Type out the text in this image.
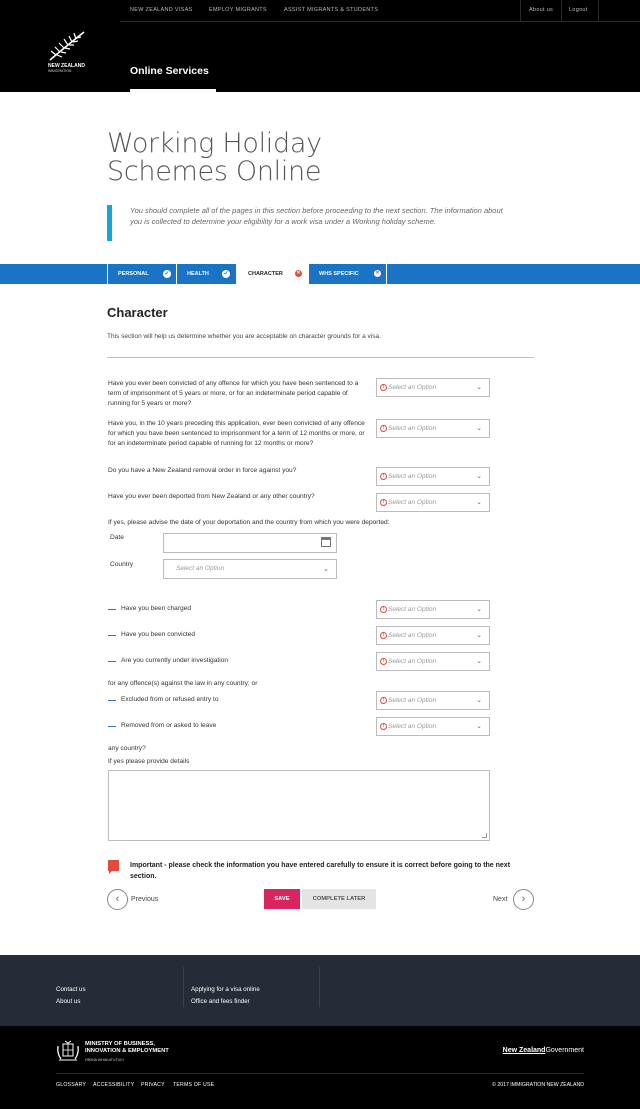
NEW ZEALAND VISAS	EMPLOY MIGRANTS	ASSIST MIGRANTS & STUDENTS	About us	Logout
NEW ZEALAND
IMMIGRATION	Online Services
Working Holiday
Schemes Online
You should complete all of the pages in this section before proceeding to the next section. The information about you is collected to determine your eligibility for a work visa under a Working holiday scheme.
PERSONAL	✓	HEALTH ✓	CHARACTER	✕	WHS SPECIFIC	✕
Character
This section will help us determine whether you are acceptable on character grounds for a visa.
Have you ever been convicted of any offence for which you have been sentenced to a term of imprisonment of 5 years or more, or for an indeterminate period capable of running for 5 years or more?
! Select an Option	⌄
Have you, in the 10 years preceding this application, ever been convicted of any offence for which you have been sentenced to imprisonment for a term of 12 months or more, or for an indeterminate period capable of running for 12 months or more?
! Select an Option	⌄
Do you have a New Zealand removal order in force against you?
! Select an Option	⌄
Have you ever been deported from New Zealand or any other country?
! Select an Option	⌄
If yes, please advise the date of your deportation and the country from which you were deported:
Date
Country
Select an Option	⌄
Have you been charged	! Select an Option	⌄
Have you been convicted	! Select an Option	⌄
Are you currently under investigation	! Select an Option	⌄
for any offence(s) against the law in any country; or
Excluded from or refused entry to	! Select an Option	⌄
Removed from or asked to leave	! Select an Option	⌄
any country?
If yes please provide details
Important - please check the information you have entered carefully to ensure it is correct before going to the next section.
‹	Previous	SAVE	COMPLETE LATER	Next	›
Contact us
About us
Applying for a visa online
Office and fees finder
MINISTRY OF BUSINESS,
INNOVATION & EMPLOYMENT
HĪKINA WHAKATUTUKI
New ZealandGovernment
GLOSSARY ACCESSIBILITY PRIVACY TERMS OF USE	© 2017 IMMIGRATION NEW ZEALAND
